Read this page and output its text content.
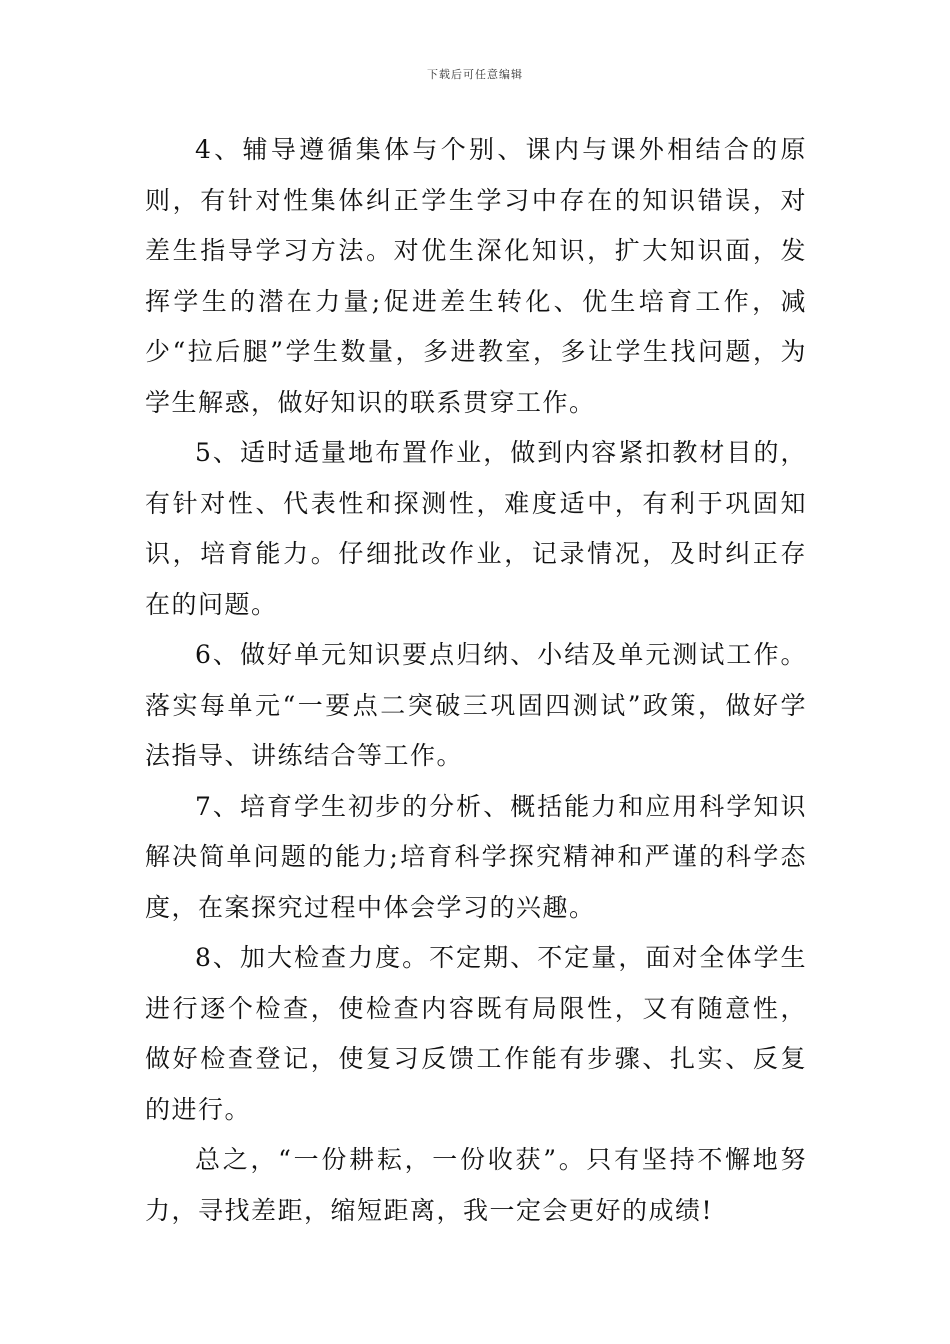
下载后可任意编辑

4、辅导遵循集体与个别、课内与课外相结合的原则，有针对性集体纠正学生学习中存在的知识错误，对差生指导学习方法。对优生深化知识，扩大知识面，发挥学生的潜在力量;促进差生转化、优生培育工作，减少“拉后腿”学生数量，多进教室，多让学生找问题，为学生解惑，做好知识的联系贯穿工作。

5、适时适量地布置作业，做到内容紧扣教材目的，有针对性、代表性和探测性，难度适中，有利于巩固知识，培育能力。仔细批改作业，记录情况，及时纠正存在的问题。

6、做好单元知识要点归纳、小结及单元测试工作。落实每单元“一要点二突破三巩固四测试”政策，做好学法指导、讲练结合等工作。

7、培育学生初步的分析、概括能力和应用科学知识解决简单问题的能力;培育科学探究精神和严谨的科学态度，在案探究过程中体会学习的兴趣。

8、加大检查力度。不定期、不定量，面对全体学生进行逐个检查，使检查内容既有局限性，又有随意性，做好检查登记，使复习反馈工作能有步骤、扎实、反复的进行。

总之，“一份耕耘，一份收获”。只有坚持不懈地努力，寻找差距，缩短距离，我一定会更好的成绩!
